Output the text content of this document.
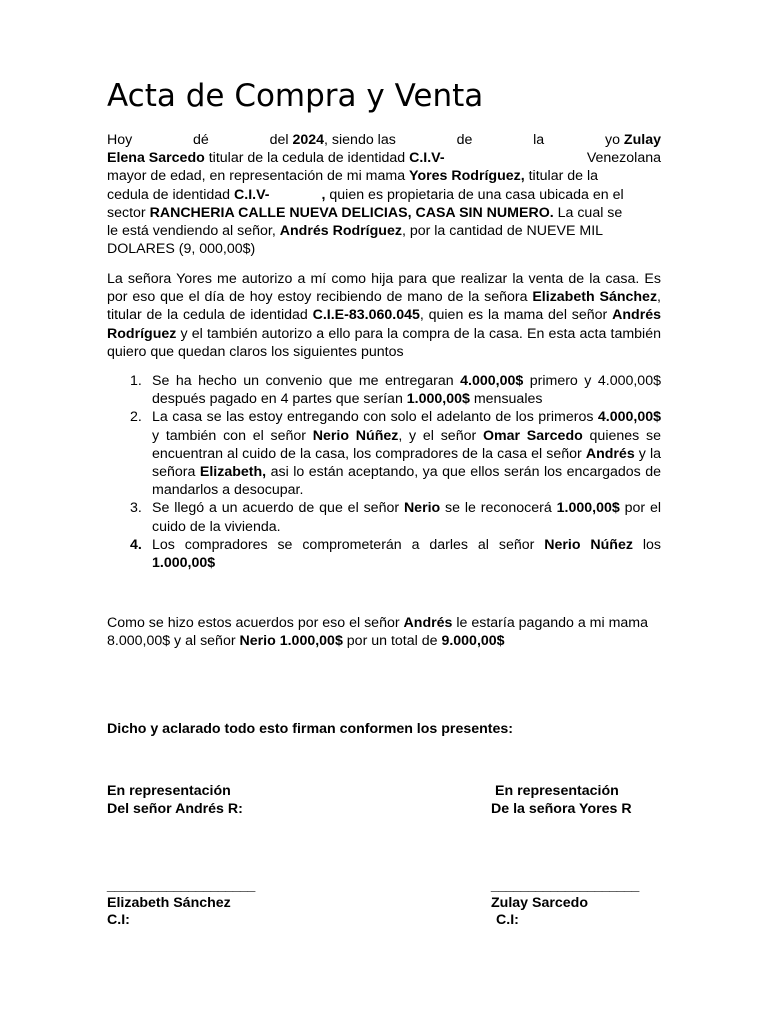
Acta de Compra y Venta
Hoy	dé	del 2024, siendo las	de	la	yo Zulay
Elena Sarcedo titular de la cedula de identidad C.I.V-	Venezolana
mayor de edad, en representación de mi mama Yores Rodríguez, titular de la
cedula de identidad C.I.V-	, quien es propietaria de una casa ubicada en el
sector RANCHERIA CALLE NUEVA DELICIAS, CASA SIN NUMERO. La cual se
le está vendiendo al señor, Andrés Rodríguez, por la cantidad de NUEVE MIL
DOLARES (9, 000,00$)
La señora Yores me autorizo a mí como hija para que realizar la venta de la casa. Es por eso que el día de hoy estoy recibiendo de mano de la señora Elizabeth Sánchez, titular de la cedula de identidad C.I.E-83.060.045, quien es la mama del señor Andrés Rodríguez y el también autorizo a ello para la compra de la casa. En esta acta también quiero que quedan claros los siguientes puntos
1. Se ha hecho un convenio que me entregaran 4.000,00$ primero y 4.000,00$ después pagado en 4 partes que serían 1.000,00$ mensuales
2. La casa se las estoy entregando con solo el adelanto de los primeros 4.000,00$ y también con el señor Nerio Núñez, y el señor Omar Sarcedo quienes se encuentran al cuido de la casa, los compradores de la casa el señor Andrés y la señora Elizabeth, asi lo están aceptando, ya que ellos serán los encargados de mandarlos a desocupar.
3. Se llegó a un acuerdo de que el señor Nerio se le reconocerá 1.000,00$ por el cuido de la vivienda.
4. Los compradores se comprometerán a darles al señor Nerio Núñez los 1.000,00$
Como se hizo estos acuerdos por eso el señor Andrés le estaría pagando a mi mama 8.000,00$ y al señor Nerio 1.000,00$ por un total de 9.000,00$
Dicho y aclarado todo esto firman conformen los presentes:
En representación
Del señor Andrés R:
En representación
De la señora Yores R
____________________
Elizabeth Sánchez
C.I:
____________________
Zulay Sarcedo
C.I:
